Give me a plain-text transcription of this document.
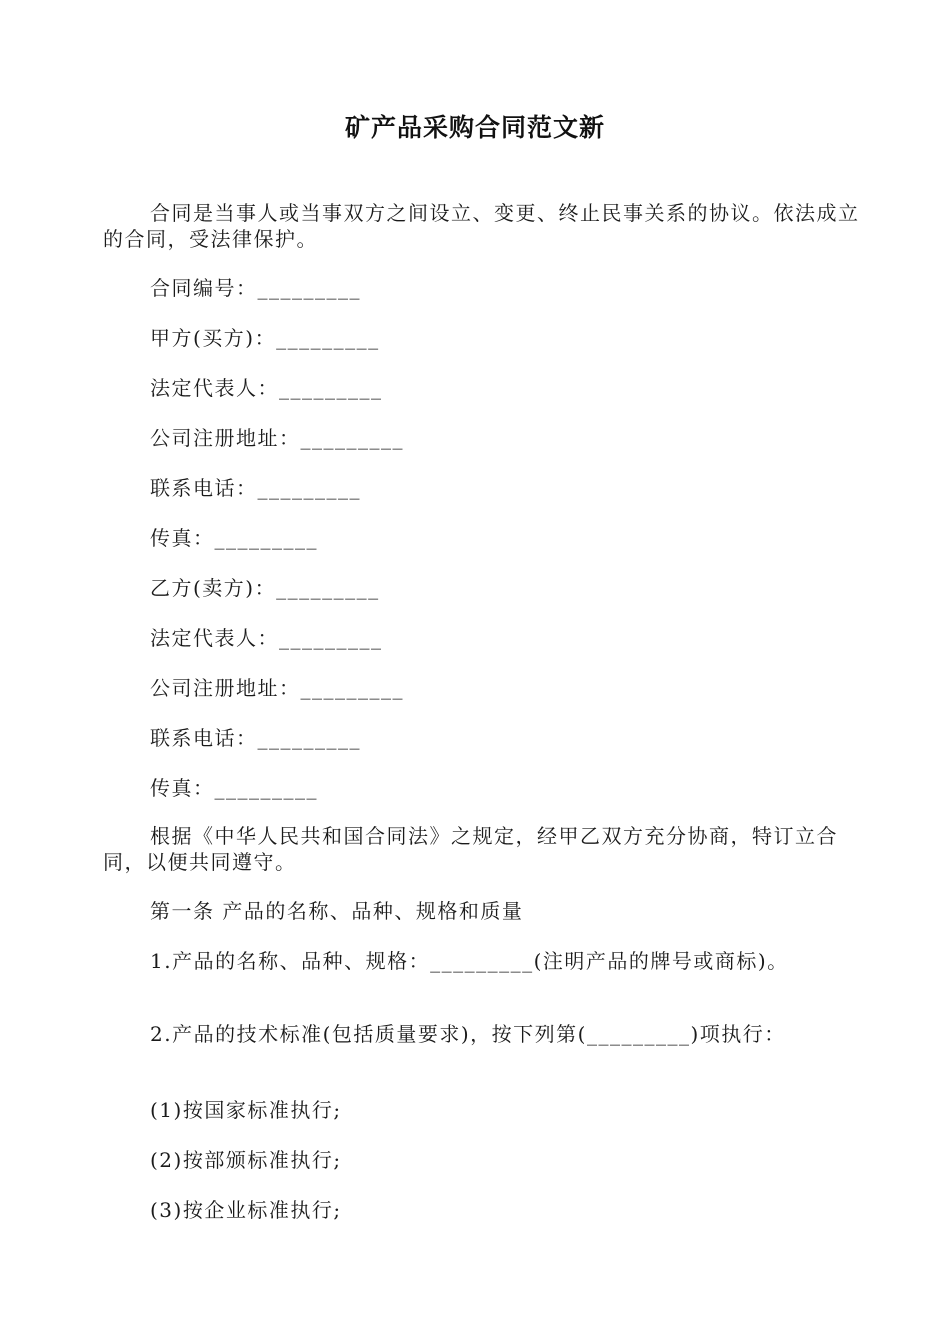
矿产品采购合同范文新

合同是当事人或当事双方之间设立、变更、终止民事关系的协议。依法成立的合同，受法律保护。

合同编号：_________

甲方(买方)：_________

法定代表人：_________

公司注册地址：_________

联系电话：_________

传真：_________

乙方(卖方)：_________

法定代表人：_________

公司注册地址：_________

联系电话：_________

传真：_________

根据《中华人民共和国合同法》之规定，经甲乙双方充分协商，特订立合同，以便共同遵守。

第一条 产品的名称、品种、规格和质量

1.产品的名称、品种、规格：_________(注明产品的牌号或商标)。

2.产品的技术标准(包括质量要求)，按下列第(_________)项执行：

(1)按国家标准执行;

(2)按部颁标准执行;

(3)按企业标准执行;
